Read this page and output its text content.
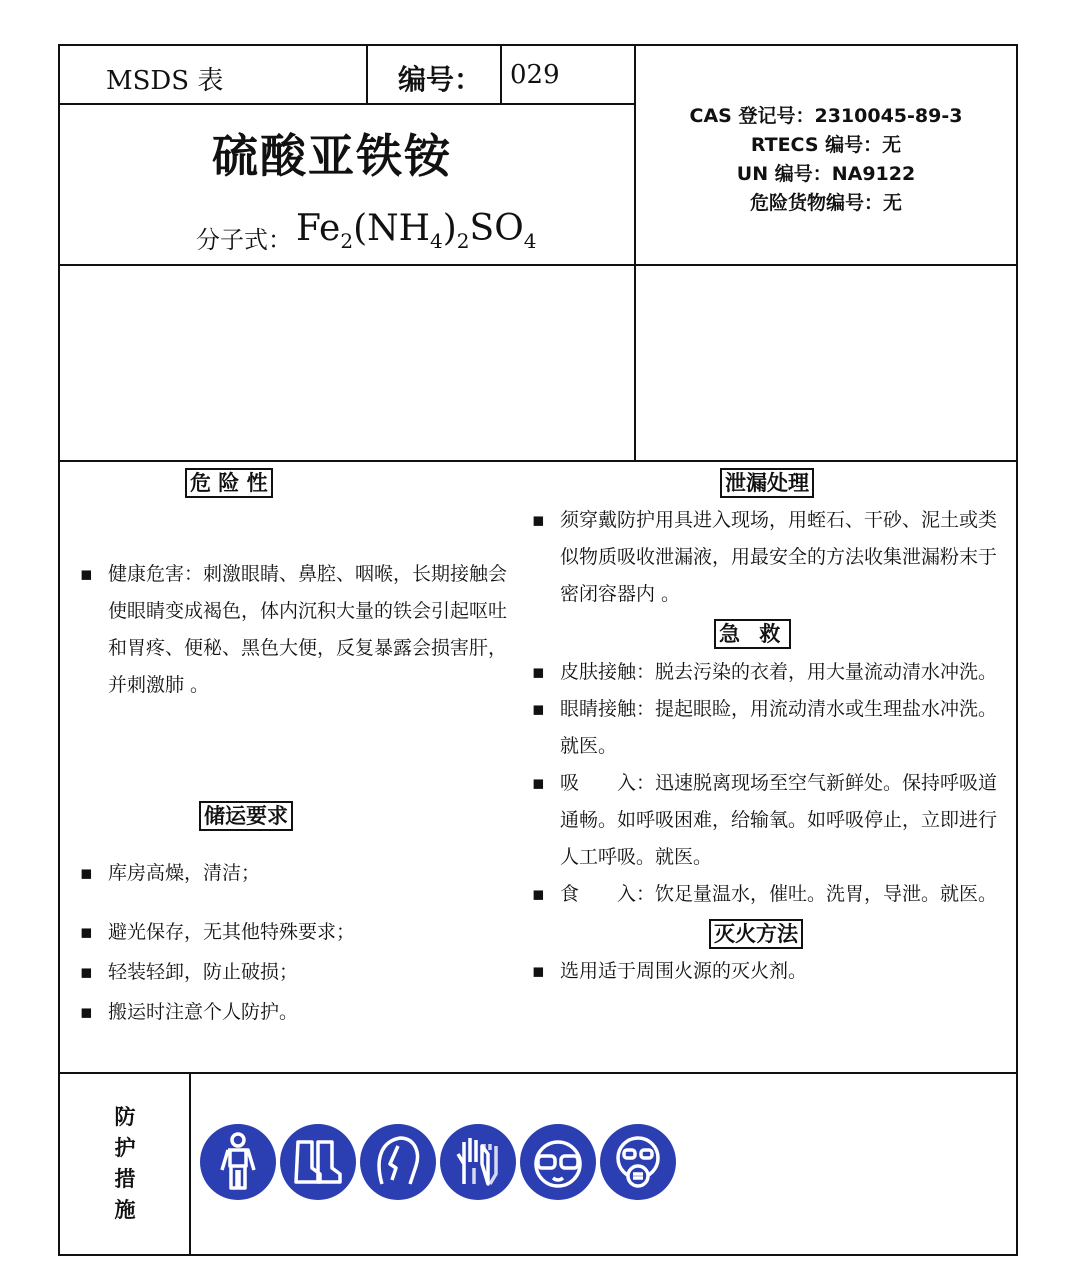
MSDS 表	编号： 029
硫酸亚铁铵
分子式： $Fe_2(NH_4)_2SO_4$
CAS 登记号：2310045-89-3
RTECS 编号：无
UN 编号：NA9122
危险货物编号：无
危 险 性
▪ 健康危害：刺激眼睛、鼻腔、咽喉，长期接触会使眼睛变成褐色，体内沉积大量的铁会引起呕吐和胃疼、便秘、黑色大便，反复暴露会损害肝，并刺激肺 。
储运要求
▪ 库房高燥，清洁；
▪ 避光保存，无其他特殊要求；
▪ 轻装轻卸，防止破损；
▪ 搬运时注意个人防护。
泄漏处理
▪ 须穿戴防护用具进入现场，用蛭石、干砂、泥土或类似物质吸收泄漏液，用最安全的方法收集泄漏粉末于密闭容器内 。
急 救
▪ 皮肤接触：脱去污染的衣着，用大量流动清水冲洗。
▪ 眼睛接触：提起眼睑，用流动清水或生理盐水冲洗。就医。
▪ 吸　　入：迅速脱离现场至空气新鲜处。保持呼吸道通畅。如呼吸困难，给输氧。如呼吸停止，立即进行人工呼吸。就医。
▪ 食　　入：饮足量温水，催吐。洗胃，导泄。就医。
灭火方法
▪ 选用适于周围火源的灭火剂。
防
护
措
施
